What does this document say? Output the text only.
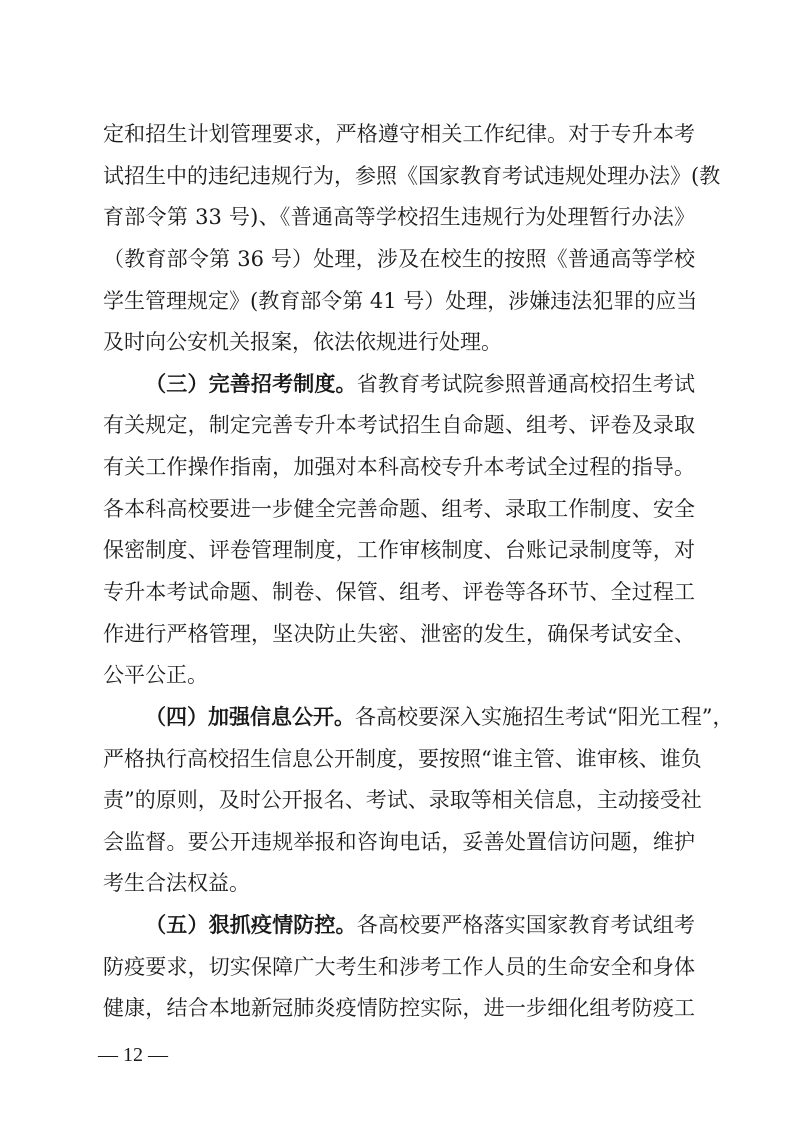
定和招生计划管理要求，严格遵守相关工作纪律。对于专升本考
试招生中的违纪违规行为，参照《国家教育考试违规处理办法》(教
育部令第 33 号)、《普通高等学校招生违规行为处理暂行办法》
（教育部令第 36 号）处理，涉及在校生的按照《普通高等学校
学生管理规定》(教育部令第 41 号）处理，涉嫌违法犯罪的应当
及时向公安机关报案，依法依规进行处理。
（三）完善招考制度。省教育考试院参照普通高校招生考试
有关规定，制定完善专升本考试招生自命题、组考、评卷及录取
有关工作操作指南，加强对本科高校专升本考试全过程的指导。
各本科高校要进一步健全完善命题、组考、录取工作制度、安全
保密制度、评卷管理制度，工作审核制度、台账记录制度等，对
专升本考试命题、制卷、保管、组考、评卷等各环节、全过程工
作进行严格管理，坚决防止失密、泄密的发生，确保考试安全、
公平公正。
（四）加强信息公开。各高校要深入实施招生考试“阳光工程”，
严格执行高校招生信息公开制度，要按照“谁主管、谁审核、谁负
责”的原则，及时公开报名、考试、录取等相关信息，主动接受社
会监督。要公开违规举报和咨询电话，妥善处置信访问题，维护
考生合法权益。
— 12 —
（五）狠抓疫情防控。各高校要严格落实国家教育考试组考
防疫要求，切实保障广大考生和涉考工作人员的生命安全和身体
健康，结合本地新冠肺炎疫情防控实际，进一步细化组考防疫工
